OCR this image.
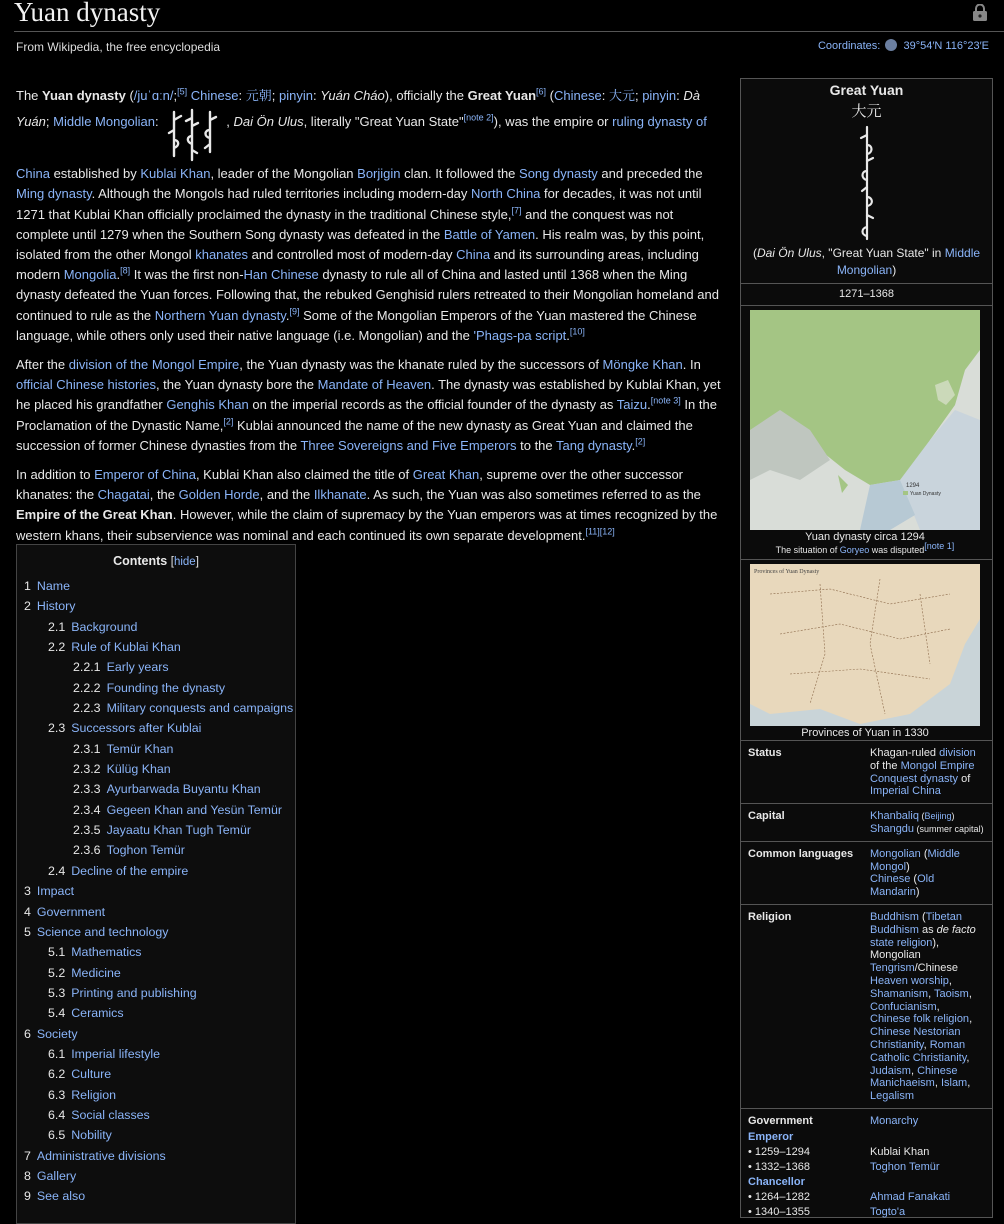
Yuan dynasty
From Wikipedia, the free encyclopedia	Coordinates: 39°54′N 116°23′E

The Yuan dynasty (/juˈɑːn/;[5] Chinese: 元朝; pinyin: Yuán Cháo), officially the Great Yuan[6] (Chinese: 大元; pinyin: Dà Yuán; Middle Mongolian:	, Dai Ön Ulus, literally "Great Yuan State"[note 2]), was the empire or ruling dynasty of China established by Kublai Khan, leader of the Mongolian Borjigin clan. It followed the Song dynasty and preceded the Ming dynasty. Although the Mongols had ruled territories including modern-day North China for decades, it was not until 1271 that Kublai Khan officially proclaimed the dynasty in the traditional Chinese style,[7] and the conquest was not complete until 1279 when the Southern Song dynasty was defeated in the Battle of Yamen. His realm was, by this point, isolated from the other Mongol khanates and controlled most of modern-day China and its surrounding areas, including modern Mongolia.[8] It was the first non-Han Chinese dynasty to rule all of China and lasted until 1368 when the Ming dynasty defeated the Yuan forces. Following that, the rebuked Genghisid rulers retreated to their Mongolian homeland and continued to rule as the Northern Yuan dynasty.[9] Some of the Mongolian Emperors of the Yuan mastered the Chinese language, while others only used their native language (i.e. Mongolian) and the 'Phags-pa script.[10]

After the division of the Mongol Empire, the Yuan dynasty was the khanate ruled by the successors of Möngke Khan. In official Chinese histories, the Yuan dynasty bore the Mandate of Heaven. The dynasty was established by Kublai Khan, yet he placed his grandfather Genghis Khan on the imperial records as the official founder of the dynasty as Taizu.[note 3] In the Proclamation of the Dynastic Name,[2] Kublai announced the name of the new dynasty as Great Yuan and claimed the succession of former Chinese dynasties from the Three Sovereigns and Five Emperors to the Tang dynasty.[2]

In addition to Emperor of China, Kublai Khan also claimed the title of Great Khan, supreme over the other successor khanates: the Chagatai, the Golden Horde, and the Ilkhanate. As such, the Yuan was also sometimes referred to as the Empire of the Great Khan. However, while the claim of supremacy by the Yuan emperors was at times recognized by the western khans, their subservience was nominal and each continued its own separate development.[11][12]

Contents [hide]
1 Name
2 History
2.1 Background
2.2 Rule of Kublai Khan
2.2.1 Early years
2.2.2 Founding the dynasty
2.2.3 Military conquests and campaigns
2.3 Successors after Kublai
2.3.1 Temür Khan
2.3.2 Külüg Khan
2.3.3 Ayurbarwada Buyantu Khan
2.3.4 Gegeen Khan and Yesün Temür
2.3.5 Jayaatu Khan Tugh Temür
2.3.6 Toghon Temür
2.4 Decline of the empire
3 Impact
4 Government
5 Science and technology
5.1 Mathematics
5.2 Medicine
5.3 Printing and publishing
5.4 Ceramics
6 Society
6.1 Imperial lifestyle
6.2 Culture
6.3 Religion
6.4 Social classes
6.5 Nobility
7 Administrative divisions
8 Gallery
9 See also
Great Yuan
大元
(Dai Ön Ulus, "Great Yuan State" in Middle Mongolian)
1271–1368
1294
Yuan Dynasty
Yuan dynasty circa 1294
The situation of Goryeo was disputed[note 1]
Provinces of Yuan Dynasty
Provinces of Yuan in 1330
Status	Khagan-ruled division of the Mongol Empire
Conquest dynasty of Imperial China
Capital	Khanbaliq (Beijing)
Shangdu (summer capital)
Common languages	Mongolian (Middle Mongol)
Chinese (Old Mandarin)
Religion	Buddhism (Tibetan Buddhism as de facto state religion),
Mongolian Tengrism/Chinese Heaven worship,
Shamanism, Taoism,
Confucianism,
Chinese folk religion,
Chinese Nestorian Christianity, Roman Catholic Christianity,
Judaism, Chinese Manichaeism, Islam,
Legalism
Government	Monarchy
Emperor
• 1259–1294	Kublai Khan
• 1332–1368	Toghon Temür
Chancellor
• 1264–1282	Ahmad Fanakati
• 1340–1355	Togto'a
